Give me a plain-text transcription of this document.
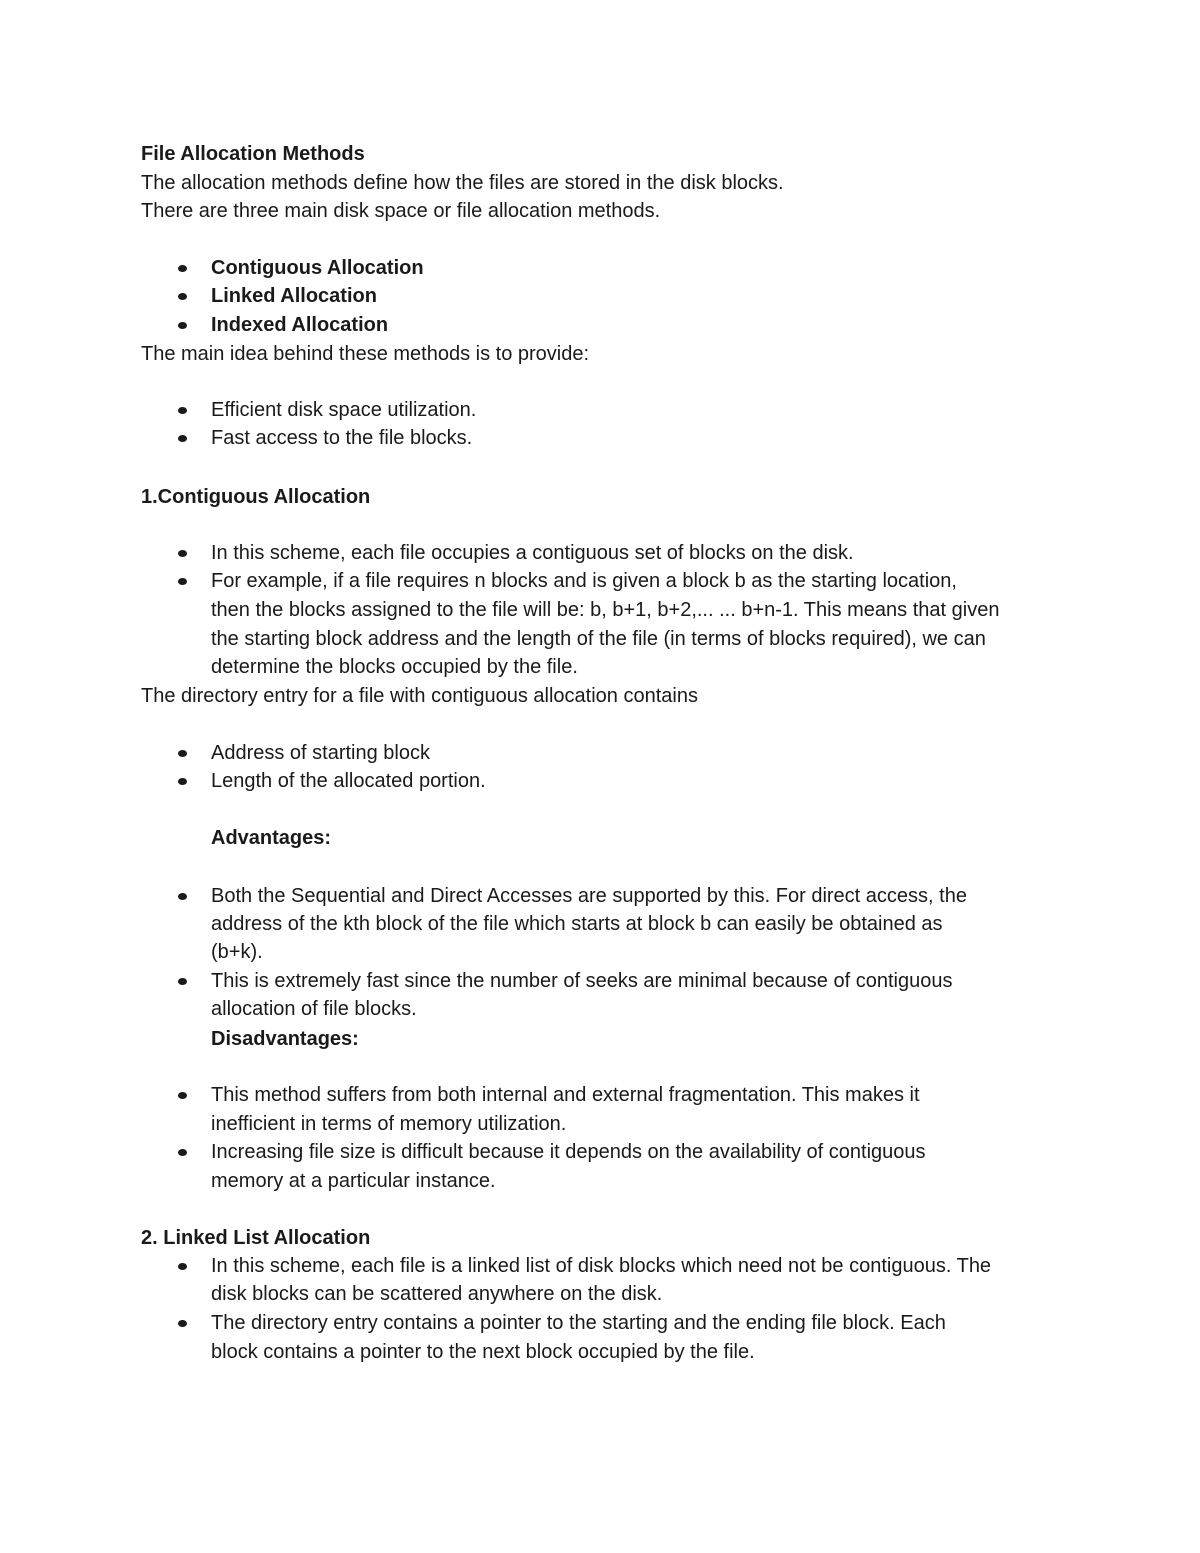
File Allocation Methods
The allocation methods define how the files are stored in the disk blocks.
There are three main disk space or file allocation methods.
Contiguous Allocation
Linked Allocation
Indexed Allocation
The main idea behind these methods is to provide:
Efficient disk space utilization.
Fast access to the file blocks.
1.Contiguous Allocation
In this scheme, each file occupies a contiguous set of blocks on the disk.
For example, if a file requires n blocks and is given a block b as the starting location,
then the blocks assigned to the file will be: b, b+1, b+2,... ... b+n-1. This means that given
the starting block address and the length of the file (in terms of blocks required), we can
determine the blocks occupied by the file.
The directory entry for a file with contiguous allocation contains
Address of starting block
Length of the allocated portion.
Advantages:
Both the Sequential and Direct Accesses are supported by this. For direct access, the
address of the kth block of the file which starts at block b can easily be obtained as
(b+k).
This is extremely fast since the number of seeks are minimal because of contiguous
allocation of file blocks.
Disadvantages:
This method suffers from both internal and external fragmentation. This makes it
inefficient in terms of memory utilization.
Increasing file size is difficult because it depends on the availability of contiguous
memory at a particular instance.
2. Linked List Allocation
In this scheme, each file is a linked list of disk blocks which need not be contiguous. The
disk blocks can be scattered anywhere on the disk.
The directory entry contains a pointer to the starting and the ending file block. Each
block contains a pointer to the next block occupied by the file.
